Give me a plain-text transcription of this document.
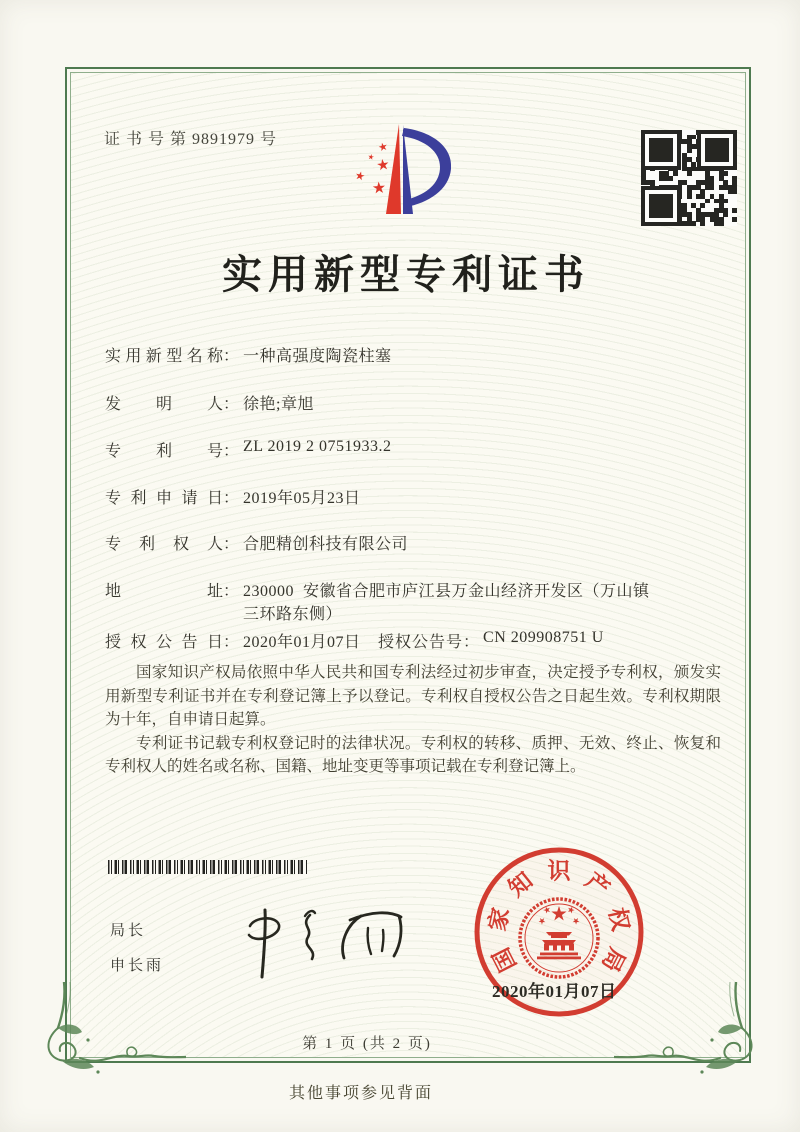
证 书 号 第 9891979 号
实用新型专利证书
实用新型名称： 一种高强度陶瓷柱塞
发明人： 徐艳;章旭
专利号： ZL 2019 2 0751933.2
专利申请日： 2019年05月23日
专利权人： 合肥精创科技有限公司
地址： 230000  安徽省合肥市庐江县万金山经济开发区（万山镇三环路东侧）
授权公告日： 2020年01月07日 授权公告号： CN 209908751 U

国家知识产权局依照中华人民共和国专利法经过初步审查，决定授予专利权，颁发实用新型专利证书并在专利登记簿上予以登记。专利权自授权公告之日起生效。专利权期限为十年，自申请日起算。

专利证书记载专利权登记时的法律状况。专利权的转移、质押、无效、终止、恢复和专利权人的姓名或名称、国籍、地址变更等事项记载在专利登记簿上。

局长
申长雨	国
家
知 识 产
权
局
2020年01月07日
第 1 页 (共 2 页)
其他事项参见背面
